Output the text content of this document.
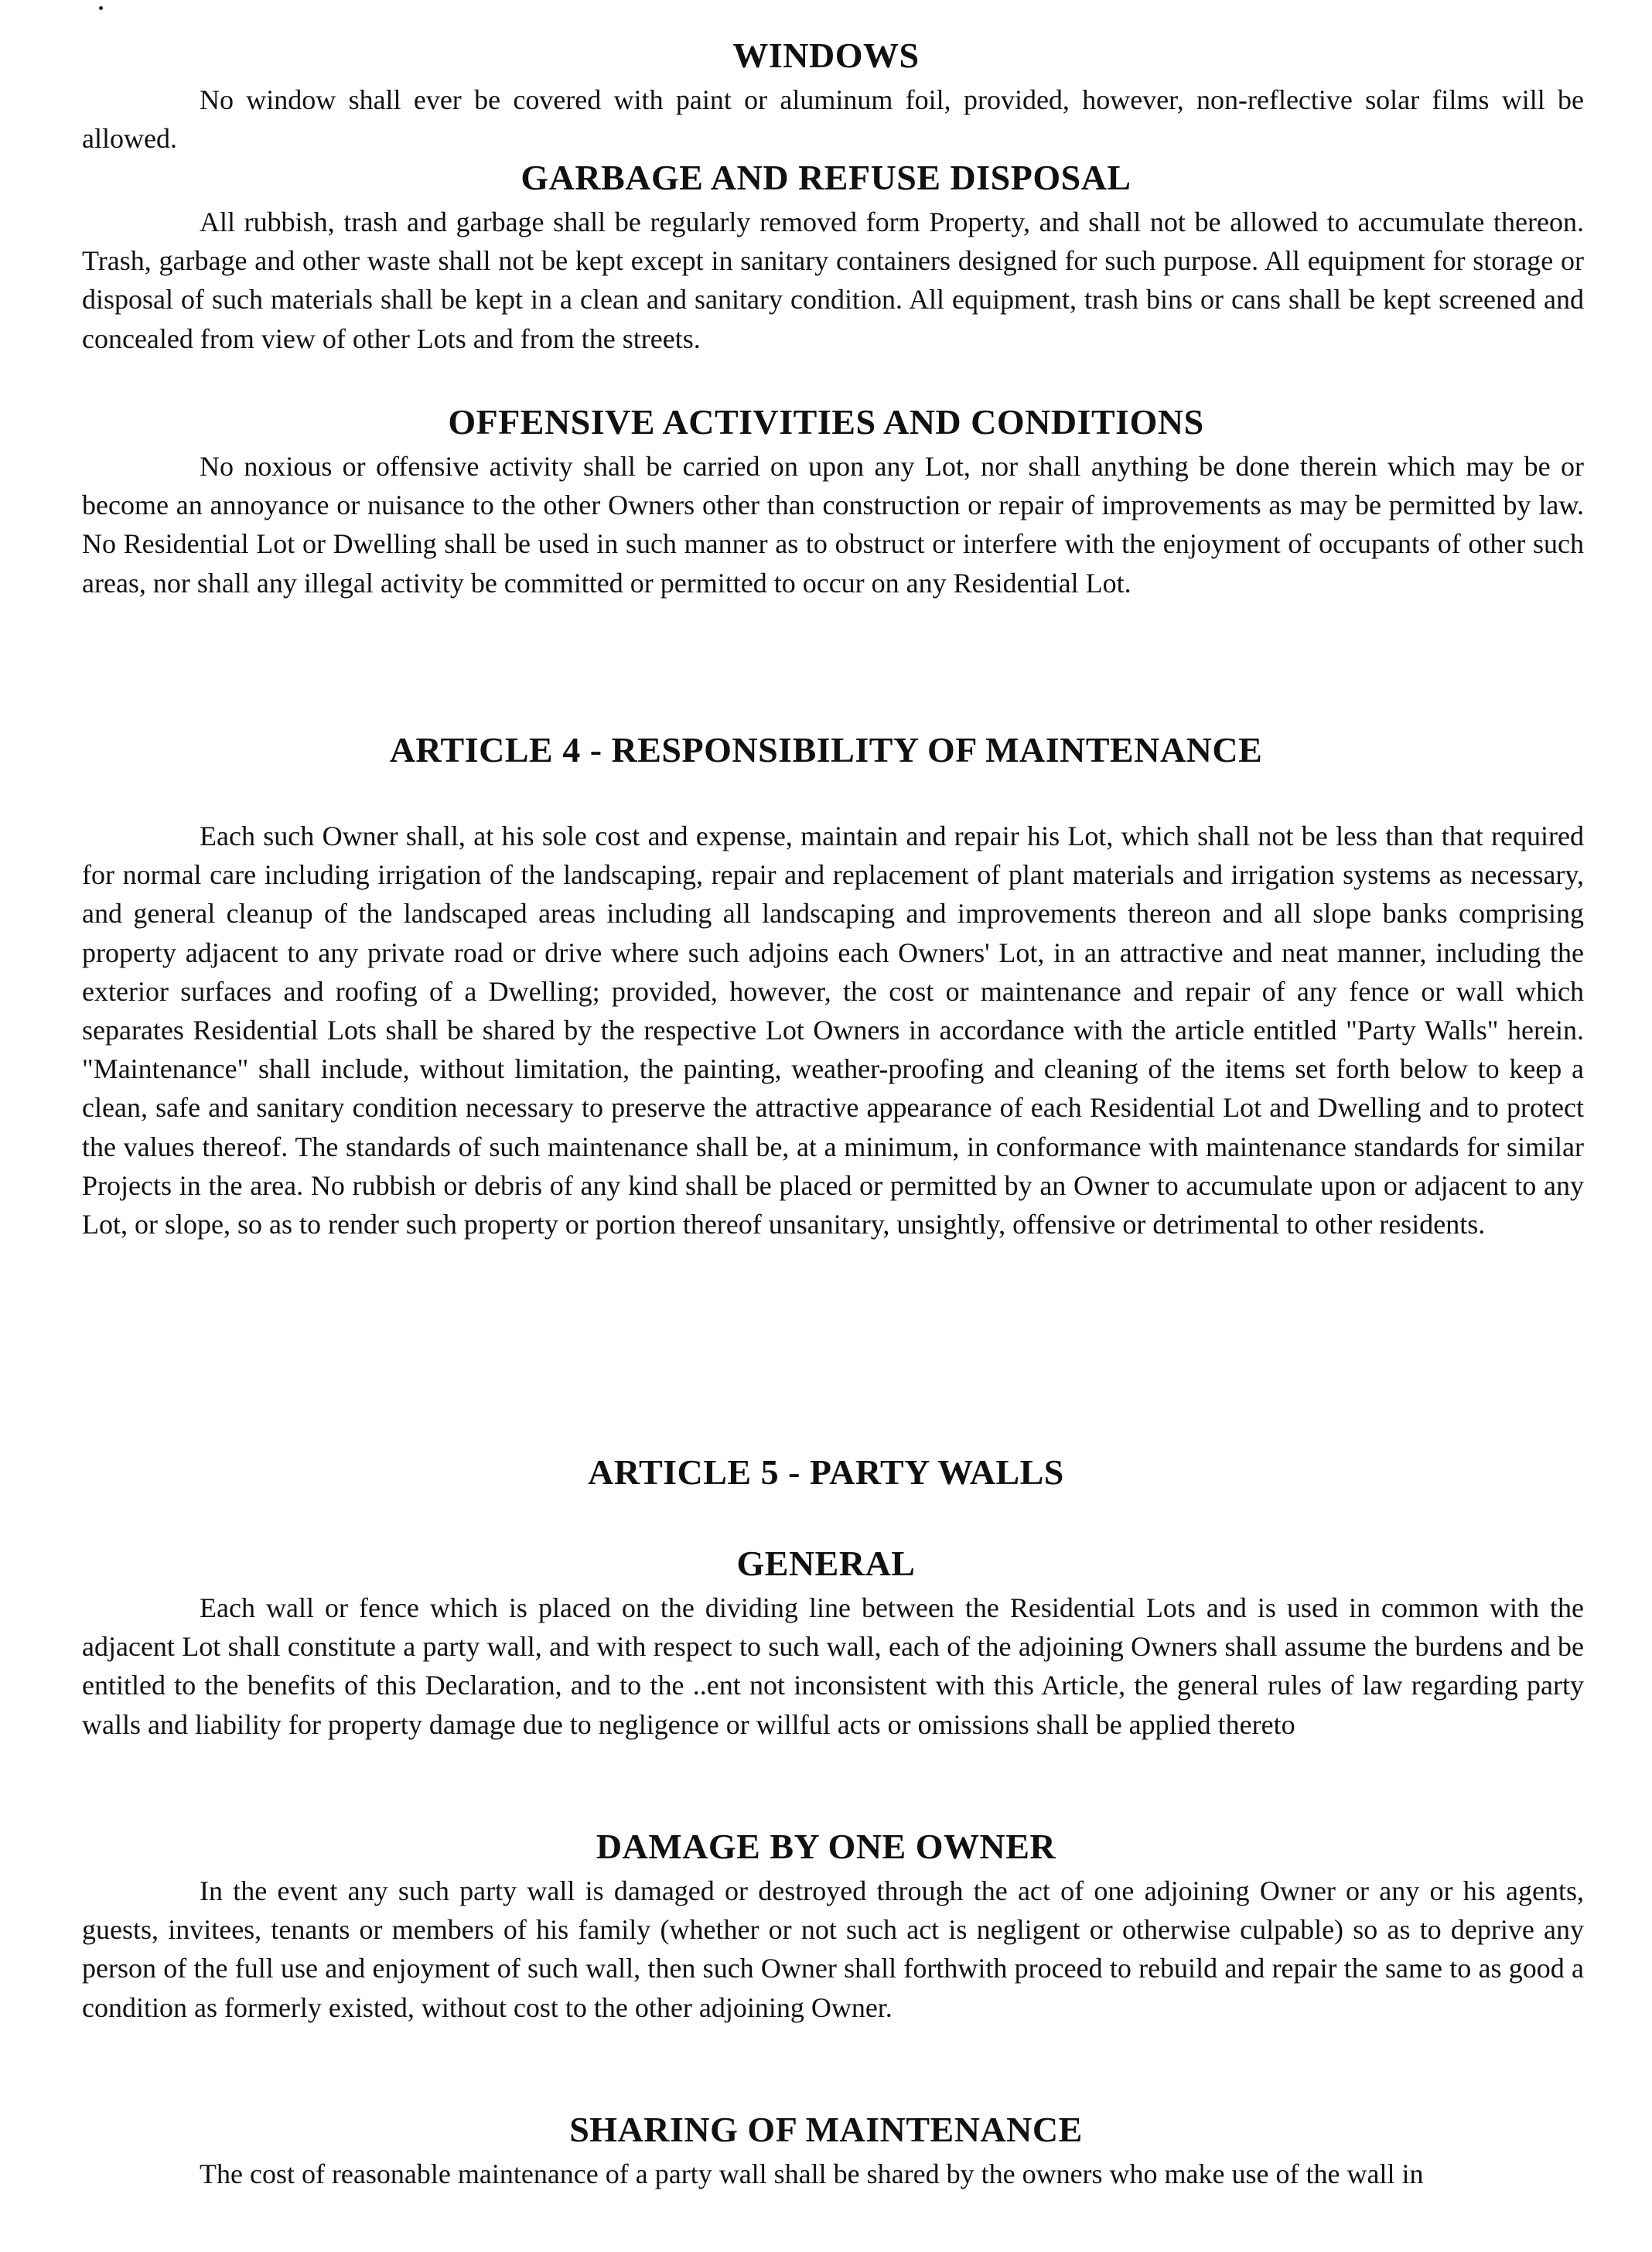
WINDOWS

No window shall ever be covered with paint or aluminum foil, provided, however, non-reflective solar films will be allowed.

GARBAGE AND REFUSE DISPOSAL

All rubbish, trash and garbage shall be regularly removed form Property, and shall not be allowed to accumulate thereon. Trash, garbage and other waste shall not be kept except in sanitary containers designed for such purpose. All equipment for storage or disposal of such materials shall be kept in a clean and sanitary condition. All equipment, trash bins or cans shall be kept screened and concealed from view of other Lots and from the streets.

OFFENSIVE ACTIVITIES AND CONDITIONS

No noxious or offensive activity shall be carried on upon any Lot, nor shall anything be done therein which may be or become an annoyance or nuisance to the other Owners other than construction or repair of improvements as may be permitted by law. No Residential Lot or Dwelling shall be used in such manner as to obstruct or interfere with the enjoyment of occupants of other such areas, nor shall any illegal activity be committed or permitted to occur on any Residential Lot.

ARTICLE 4 - RESPONSIBILITY OF MAINTENANCE

Each such Owner shall, at his sole cost and expense, maintain and repair his Lot, which shall not be less than that required for normal care including irrigation of the landscaping, repair and replacement of plant materials and irrigation systems as necessary, and general cleanup of the landscaped areas including all landscaping and improvements thereon and all slope banks comprising property adjacent to any private road or drive where such adjoins each Owners' Lot, in an attractive and neat manner, including the exterior surfaces and roofing of a Dwelling; provided, however, the cost or maintenance and repair of any fence or wall which separates Residential Lots shall be shared by the respective Lot Owners in accordance with the article entitled "Party Walls" herein. "Maintenance" shall include, without limitation, the painting, weather-proofing and cleaning of the items set forth below to keep a clean, safe and sanitary condition necessary to preserve the attractive appearance of each Residential Lot and Dwelling and to protect the values thereof. The standards of such maintenance shall be, at a minimum, in conformance with maintenance standards for similar Projects in the area. No rubbish or debris of any kind shall be placed or permitted by an Owner to accumulate upon or adjacent to any Lot, or slope, so as to render such property or portion thereof unsanitary, unsightly, offensive or detrimental to other residents.

ARTICLE 5 - PARTY WALLS
GENERAL

Each wall or fence which is placed on the dividing line between the Residential Lots and is used in common with the adjacent Lot shall constitute a party wall, and with respect to such wall, each of the adjoining Owners shall assume the burdens and be entitled to the benefits of this Declaration, and to the ..ent not inconsistent with this Article, the general rules of law regarding party walls and liability for property damage due to negligence or willful acts or omissions shall be applied thereto

DAMAGE BY ONE OWNER

In the event any such party wall is damaged or destroyed through the act of one adjoining Owner or any or his agents, guests, invitees, tenants or members of his family (whether or not such act is negligent or otherwise culpable) so as to deprive any person of the full use and enjoyment of such wall, then such Owner shall forthwith proceed to rebuild and repair the same to as good a condition as formerly existed, without cost to the other adjoining Owner.

SHARING OF MAINTENANCE

The cost of reasonable maintenance of a party wall shall be shared by the owners who make use of the wall in
